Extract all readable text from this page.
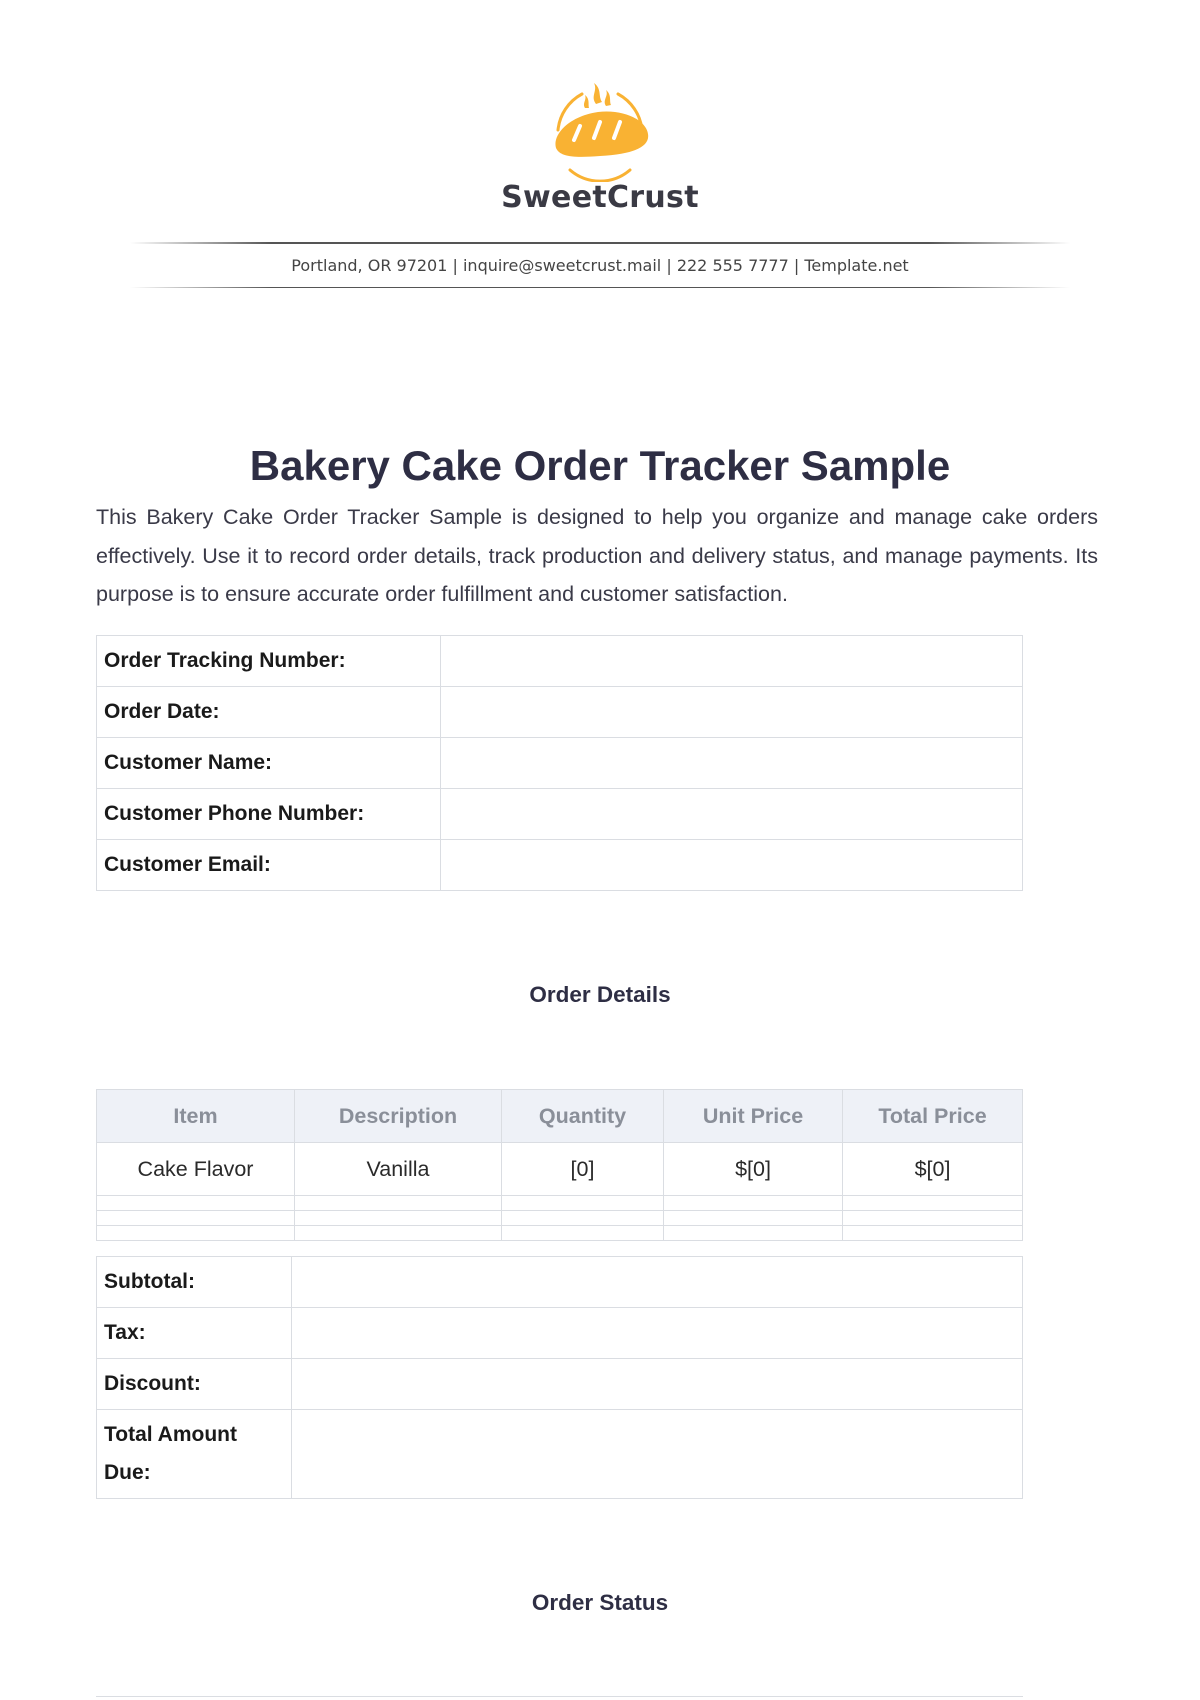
SweetCrust
Portland, OR 97201 | inquire@sweetcrust.mail | 222 555 7777 | Template.net
Bakery Cake Order Tracker Sample

This Bakery Cake Order Tracker Sample is designed to help you organize and manage cake orders effectively. Use it to record order details, track production and delivery status, and manage payments. Its purpose is to ensure accurate order fulfillment and customer satisfaction.

Order Tracking Number:	
Order Date:	
Customer Name:	
Customer Phone Number:	
Customer Email:	
Order Details
Item	Description	Quantity	Unit Price	Total Price
Cake Flavor	Vanilla	[0]	$[0]	$[0]

Subtotal:	
Tax:	
Discount:	
Total Amount Due:	
Order Status
